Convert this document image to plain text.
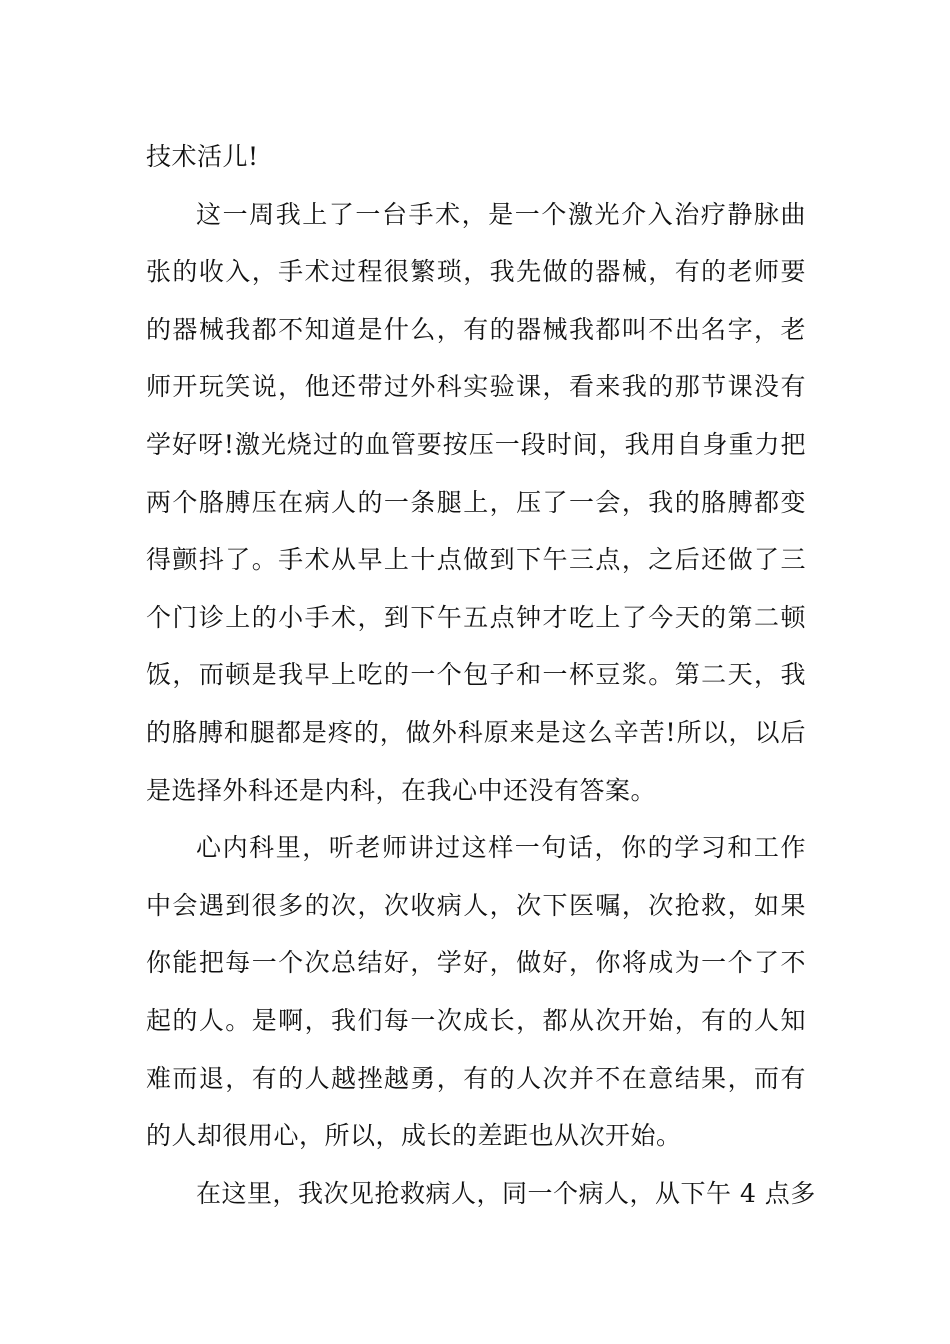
技术活儿!
这一周我上了一台手术，是一个激光介入治疗静脉曲
张的收入，手术过程很繁琐，我先做的器械，有的老师要
的器械我都不知道是什么，有的器械我都叫不出名字，老
师开玩笑说，他还带过外科实验课，看来我的那节课没有
学好呀!激光烧过的血管要按压一段时间，我用自身重力把
两个胳膊压在病人的一条腿上，压了一会，我的胳膊都变
得颤抖了。手术从早上十点做到下午三点，之后还做了三
个门诊上的小手术，到下午五点钟才吃上了今天的第二顿
饭，而顿是我早上吃的一个包子和一杯豆浆。第二天，我
的胳膊和腿都是疼的，做外科原来是这么辛苦!所以，以后
是选择外科还是内科，在我心中还没有答案。
心内科里，听老师讲过这样一句话，你的学习和工作
中会遇到很多的次，次收病人，次下医嘱，次抢救，如果
你能把每一个次总结好，学好，做好，你将成为一个了不
起的人。是啊，我们每一次成长，都从次开始，有的人知
难而退，有的人越挫越勇，有的人次并不在意结果，而有
的人却很用心，所以，成长的差距也从次开始。
在这里，我次见抢救病人，同一个病人，从下午 4 点多
